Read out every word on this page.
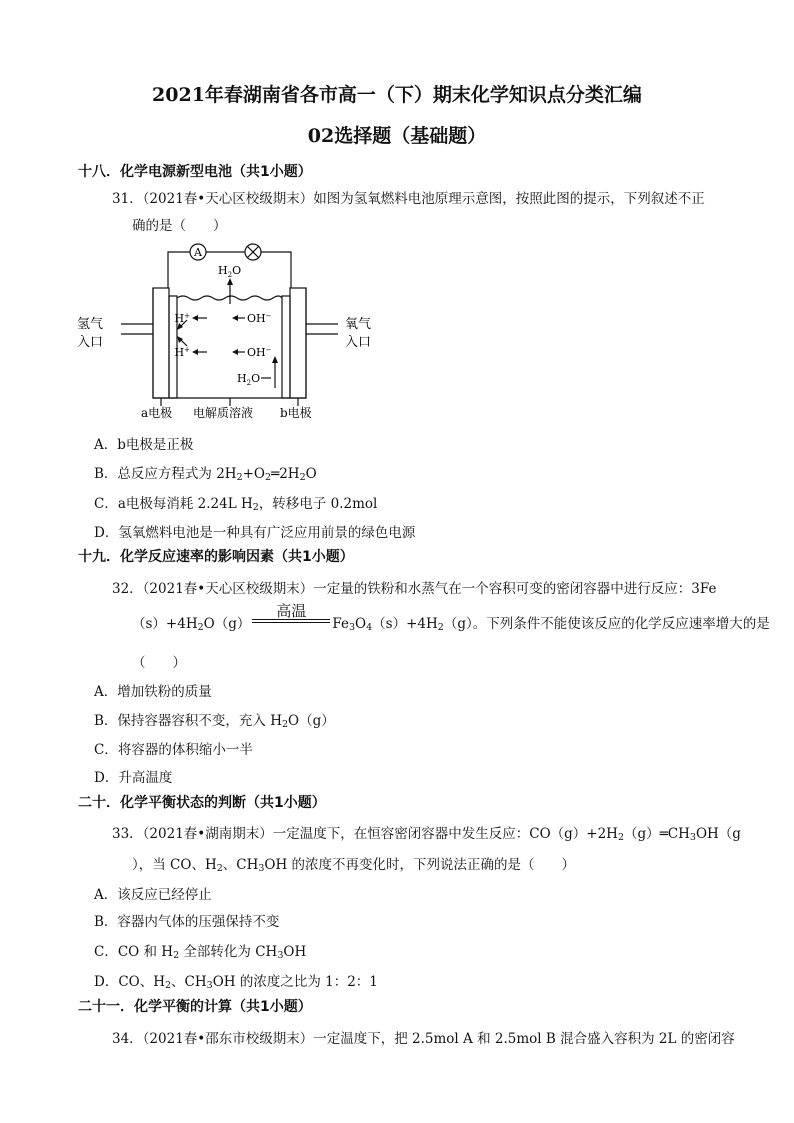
2021年春湖南省各市高一（下）期末化学知识点分类汇编
02选择题（基础题）
十八．化学电源新型电池（共1小题）
31．（2021春•天心区校级期末）如图为氢氧燃料电池原理示意图，按照此图的提示，下列叙述不正
确的是（　　）
A
$H_2O$
H+	OH−
H+	OH−
$H_2O$
氢气
入口
氧气
入口
a电极 电解质溶液 b电极
A．b电极是正极
B．总反应方程式为 $2H_2+O_2═2H_2O$
C．a电极每消耗 2.24L $H_2$，转移电子 0.2mol
D．氢氧燃料电池是一种具有广泛应用前景的绿色电源
十九．化学反应速率的影响因素（共1小题）
32．（2021春•天心区校级期末）一定量的铁粉和水蒸气在一个容积可变的密闭容器中进行反应：3Fe
$(s)+4H_2O(g)$
高温
$Fe_3O_4(s)+4H_2(g)$。下列条件不能使该反应的化学反应速率增大的是
（　　）
A．增加铁粉的质量
B．保持容器容积不变，充入 $H_2O(g)$
C．将容器的体积缩小一半
D．升高温度
二十．化学平衡状态的判断（共1小题）
33．（2021春•湖南期末）一定温度下，在恒容密闭容器中发生反应：$CO(g)+2H_2(g)═CH_3OH(g$
），当 CO、$H_2$、$CH_3OH$ 的浓度不再变化时，下列说法正确的是（　　）
A．该反应已经停止
B．容器内气体的压强保持不变
C．CO 和 $H_2$ 全部转化为 $CH_3OH$
D．CO、$H_2$、$CH_3OH$ 的浓度之比为 1：2：1
二十一．化学平衡的计算（共1小题）
34．（2021春•邵东市校级期末）一定温度下，把 2.5mol A 和 2.5mol B 混合盛入容积为 2L 的密闭容
